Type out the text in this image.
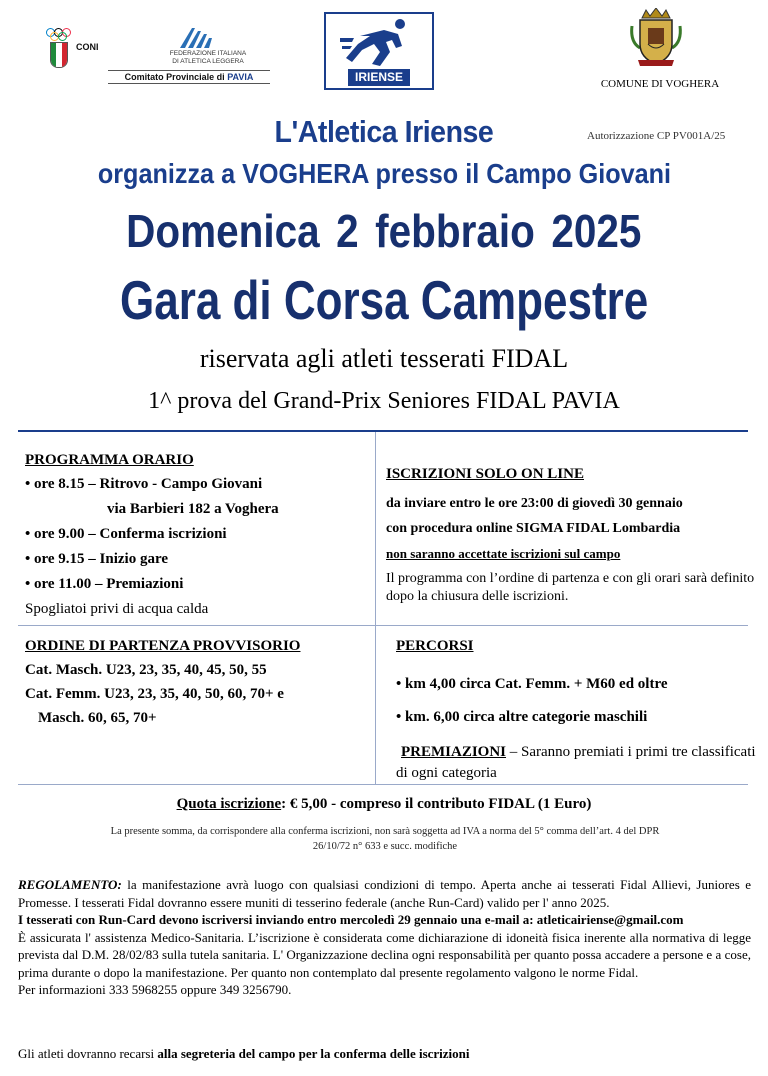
CONI
FEDERAZIONE ITALIANA
DI ATLETICA LEGGERA
Comitato Provinciale di PAVIA	IRIENSE	COMUNE DI VOGHERA
L'Atletica Iriense	Autorizzazione CP PV001A/25
organizza a VOGHERA presso il Campo Giovani
Domenica 2 febbraio 2025
Gara di Corsa Campestre
riservata agli atleti tesserati FIDAL
1^ prova del Grand-Prix Seniores FIDAL PAVIA
PROGRAMMA ORARIO
• ore 8.15 – Ritrovo - Campo Giovani
via Barbieri 182 a Voghera
• ore 9.00 – Conferma iscrizioni
• ore 9.15 – Inizio gare
• ore 11.00 – Premiazioni
Spogliatoi privi di acqua calda
ISCRIZIONI SOLO ON LINE
da inviare entro le ore 23:00 di giovedì 30 gennaio
con procedura online SIGMA FIDAL Lombardia
non saranno accettate iscrizioni sul campo
Il programma con l’ordine di partenza e con gli orari sarà definito dopo la chiusura delle iscrizioni.
ORDINE DI PARTENZA PROVVISORIO
Cat. Masch. U23, 23, 35, 40, 45, 50, 55
Cat. Femm. U23, 23, 35, 40, 50, 60, 70+ e
Masch. 60, 65, 70+
PERCORSI
• km 4,00 circa Cat. Femm. + M60 ed oltre
• km. 6,00 circa altre categorie maschili
PREMIAZIONI – Saranno premiati i primi tre classificati di ogni categoria
Quota iscrizione: € 5,00 - compreso il contributo FIDAL (1 Euro)
La presente somma, da corrispondere alla conferma iscrizioni, non sarà soggetta ad IVA a norma del 5° comma dell’art. 4 del DPR 26/10/72 n° 633 e succ. modifiche

REGOLAMENTO: la manifestazione avrà luogo con qualsiasi condizioni di tempo. Aperta anche ai tesserati Fidal Allievi, Juniores e Promesse. I tesserati Fidal dovranno essere muniti di tesserino federale (anche Run-Card) valido per l' anno 2025.

I tesserati con Run-Card devono iscriversi inviando entro mercoledì 29 gennaio una e-mail a: atleticairiense@gmail.com

È assicurata l' assistenza Medico-Sanitaria. L’iscrizione è considerata come dichiarazione di idoneità fisica inerente alla normativa di legge prevista dal D.M. 28/02/83 sulla tutela sanitaria. L' Organizzazione declina ogni responsabilità per quanto possa accadere a persone e a cose, prima durante o dopo la manifestazione. Per quanto non contemplato dal presente regolamento valgono le norme Fidal.

Per informazioni 333 5968255 oppure 349 3256790.

Gli atleti dovranno recarsi alla segreteria del campo per la conferma delle iscrizioni
